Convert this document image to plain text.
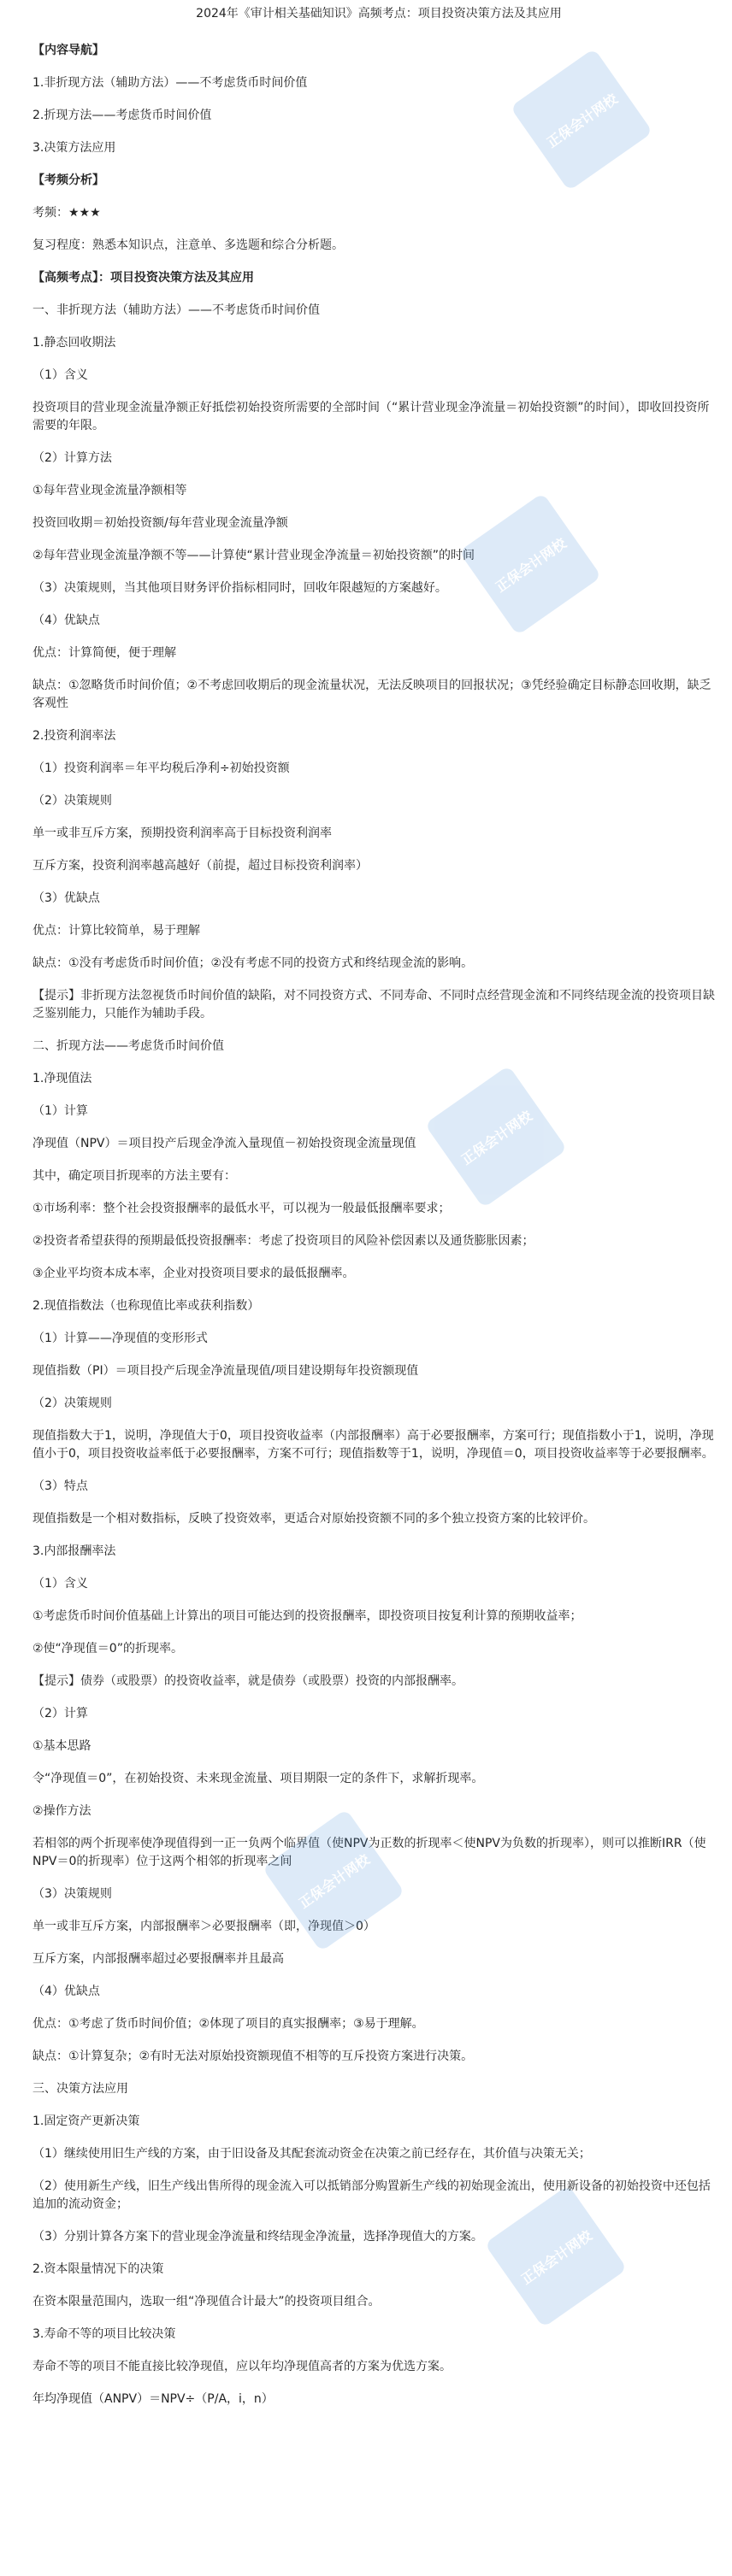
2024年《审计相关基础知识》高频考点：项目投资决策方法及其应用
【内容导航】
1.非折现方法（辅助方法）——不考虑货币时间价值
2.折现方法——考虑货币时间价值
3.决策方法应用
【考频分析】
考频：★★★
复习程度：熟悉本知识点，注意单、多选题和综合分析题。
【高频考点】：项目投资决策方法及其应用
一、非折现方法（辅助方法）——不考虑货币时间价值
1.静态回收期法
（1）含义
投资项目的营业现金流量净额正好抵偿初始投资所需要的全部时间（“累计营业现金净流量＝初始投资额”的时间），即收回投资所需要的年限。
（2）计算方法
①每年营业现金流量净额相等
投资回收期＝初始投资额/每年营业现金流量净额
②每年营业现金流量净额不等——计算使“累计营业现金净流量＝初始投资额”的时间
（3）决策规则，当其他项目财务评价指标相同时，回收年限越短的方案越好。
（4）优缺点
优点：计算简便，便于理解
缺点：①忽略货币时间价值；②不考虑回收期后的现金流量状况，无法反映项目的回报状况；③凭经验确定目标静态回收期，缺乏客观性
2.投资利润率法
（1）投资利润率＝年平均税后净利÷初始投资额
（2）决策规则
单一或非互斥方案，预期投资利润率高于目标投资利润率
互斥方案，投资利润率越高越好（前提，超过目标投资利润率）
（3）优缺点
优点：计算比较简单，易于理解
缺点：①没有考虑货币时间价值；②没有考虑不同的投资方式和终结现金流的影响。
【提示】非折现方法忽视货币时间价值的缺陷，对不同投资方式、不同寿命、不同时点经营现金流和不同终结现金流的投资项目缺乏鉴别能力，只能作为辅助手段。
二、折现方法——考虑货币时间价值
1.净现值法
（1）计算
净现值（NPV）＝项目投产后现金净流入量现值－初始投资现金流量现值
其中，确定项目折现率的方法主要有：
①市场利率：整个社会投资报酬率的最低水平，可以视为一般最低报酬率要求；
②投资者希望获得的预期最低投资报酬率：考虑了投资项目的风险补偿因素以及通货膨胀因素；
③企业平均资本成本率，企业对投资项目要求的最低报酬率。
2.现值指数法（也称现值比率或获利指数）
（1）计算——净现值的变形形式
现值指数（PI）＝项目投产后现金净流量现值/项目建设期每年投资额现值
（2）决策规则
现值指数大于1，说明，净现值大于0，项目投资收益率（内部报酬率）高于必要报酬率，方案可行；现值指数小于1，说明，净现值小于0，项目投资收益率低于必要报酬率，方案不可行；现值指数等于1，说明，净现值＝0，项目投资收益率等于必要报酬率。
（3）特点
现值指数是一个相对数指标，反映了投资效率，更适合对原始投资额不同的多个独立投资方案的比较评价。
3.内部报酬率法
（1）含义
①考虑货币时间价值基础上计算出的项目可能达到的投资报酬率，即投资项目按复利计算的预期收益率；
②使“净现值＝0”的折现率。
【提示】债券（或股票）的投资收益率，就是债券（或股票）投资的内部报酬率。
（2）计算
①基本思路
令“净现值＝0”，在初始投资、未来现金流量、项目期限一定的条件下，求解折现率。
②操作方法
若相邻的两个折现率使净现值得到一正一负两个临界值（使NPV为正数的折现率＜使NPV为负数的折现率），则可以推断IRR（使NPV＝0的折现率）位于这两个相邻的折现率之间
（3）决策规则
单一或非互斥方案，内部报酬率＞必要报酬率（即，净现值＞0）
互斥方案，内部报酬率超过必要报酬率并且最高
（4）优缺点
优点：①考虑了货币时间价值；②体现了项目的真实报酬率；③易于理解。
缺点：①计算复杂；②有时无法对原始投资额现值不相等的互斥投资方案进行决策。
三、决策方法应用
1.固定资产更新决策
（1）继续使用旧生产线的方案，由于旧设备及其配套流动资金在决策之前已经存在，其价值与决策无关；
（2）使用新生产线，旧生产线出售所得的现金流入可以抵销部分购置新生产线的初始现金流出，使用新设备的初始投资中还包括追加的流动资金；
（3）分别计算各方案下的营业现金净流量和终结现金净流量，选择净现值大的方案。
2.资本限量情况下的决策
在资本限量范围内，选取一组“净现值合计最大”的投资项目组合。
3.寿命不等的项目比较决策
寿命不等的项目不能直接比较净现值，应以年均净现值高者的方案为优选方案。
年均净现值（ANPV）＝NPV÷（P/A，i，n）
正保会计网校
正保会计网校
正保会计网校
正保会计网校
正保会计网校
